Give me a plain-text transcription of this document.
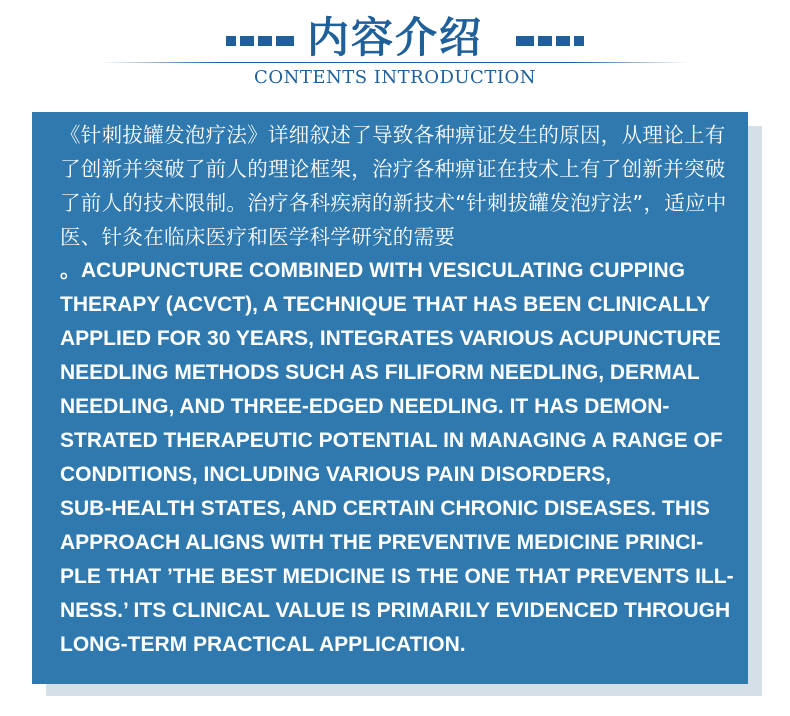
内容介绍
CONTENTS INTRODUCTION
《针刺拔罐发泡疗法》详细叙述了导致各种痹证发生的原因，从理论上有了创新并突破了前人的理论框架，治疗各种痹证在技术上有了创新并突破了前人的技术限制。治疗各科疾病的新技术“针刺拔罐发泡疗法”，适应中医、针灸在临床医疗和医学科学研究的需要
。ACUPUNCTURE COMBINED WITH VESICULATING CUPPING
THERAPY (ACVCT), A TECHNIQUE THAT HAS BEEN CLINICALLY
APPLIED FOR 30 YEARS, INTEGRATES VARIOUS ACUPUNCTURE
NEEDLING METHODS SUCH AS FILIFORM NEEDLING, DERMAL
NEEDLING, AND THREE-EDGED NEEDLING. IT HAS DEMON-
STRATED THERAPEUTIC POTENTIAL IN MANAGING A RANGE OF
CONDITIONS, INCLUDING VARIOUS PAIN DISORDERS,
SUB-HEALTH STATES, AND CERTAIN CHRONIC DISEASES. THIS
APPROACH ALIGNS WITH THE PREVENTIVE MEDICINE PRINCI-
PLE THAT ’THE BEST MEDICINE IS THE ONE THAT PREVENTS ILL-
NESS.’ ITS CLINICAL VALUE IS PRIMARILY EVIDENCED THROUGH
LONG-TERM PRACTICAL APPLICATION.
